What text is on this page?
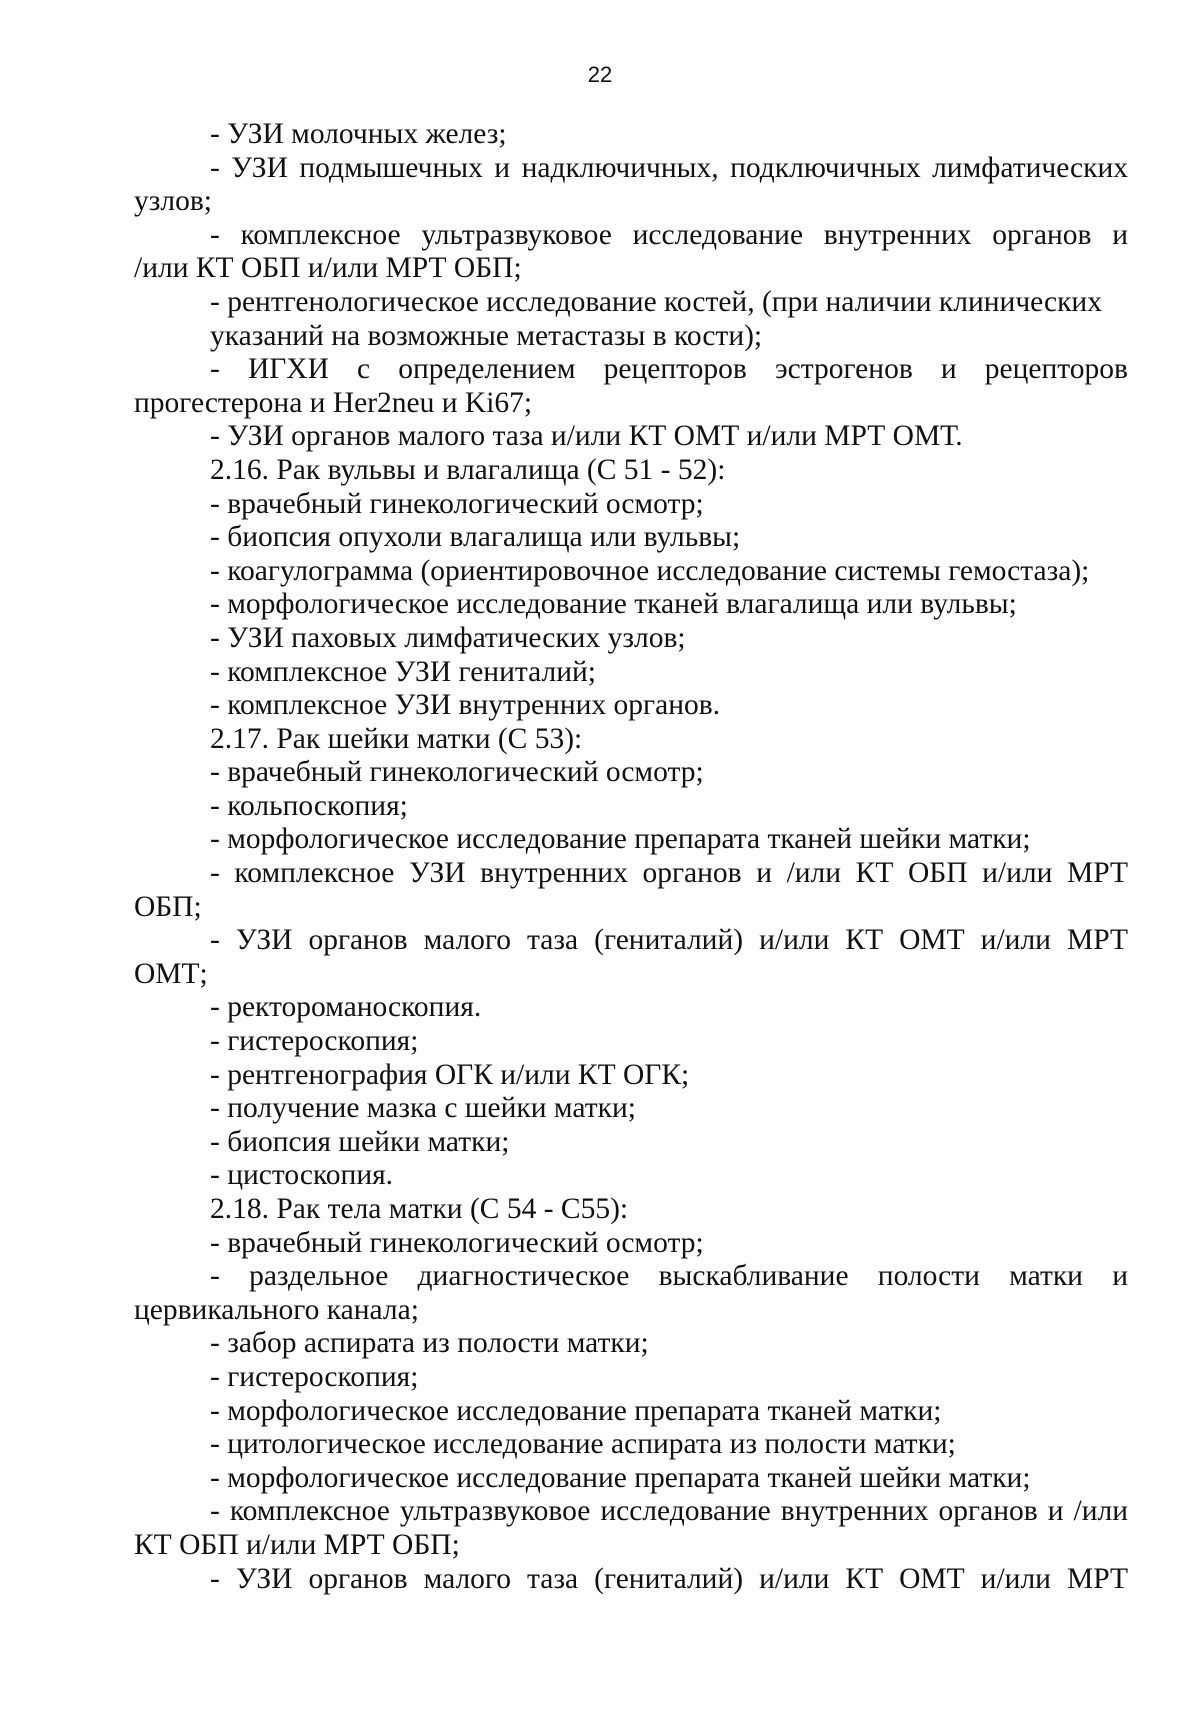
22
- УЗИ молочных желез;
- УЗИ подмышечных и надключичных, подключичных лимфатических
узлов;
- комплексное ультразвуковое исследование внутренних органов и
/или КТ ОБП и/или МРТ ОБП;
- рентгенологическое исследование костей, (при наличии клинических
указаний на возможные метастазы в кости);
- ИГХИ с определением рецепторов эстрогенов и рецепторов
прогестерона и Her2neu и Ki67;
- УЗИ органов малого таза и/или КТ ОМТ и/или МРТ ОМТ.
2.16. Рак вульвы и влагалища (С 51 - 52):
- врачебный гинекологический осмотр;
- биопсия опухоли влагалища или вульвы;
- коагулограмма (ориентировочное исследование системы гемостаза);
- морфологическое исследование тканей влагалища или вульвы;
- УЗИ паховых лимфатических узлов;
- комплексное УЗИ гениталий;
- комплексное УЗИ внутренних органов.
2.17. Рак шейки матки (С 53):
- врачебный гинекологический осмотр;
- кольпоскопия;
- морфологическое исследование препарата тканей шейки матки;
- комплексное УЗИ внутренних органов и /или КТ ОБП и/или МРТ
ОБП;
- УЗИ органов малого таза (гениталий) и/или КТ ОМТ и/или МРТ
ОМТ;
- ректороманоскопия.
- гистероскопия;
- рентгенография ОГК и/или КТ ОГК;
- получение мазка с шейки матки;
- биопсия шейки матки;
- цистоскопия.
2.18. Рак тела матки (С 54 - С55):
- врачебный гинекологический осмотр;
- раздельное диагностическое выскабливание полости матки и
цервикального канала;
- забор аспирата из полости матки;
- гистероскопия;
- морфологическое исследование препарата тканей матки;
- цитологическое исследование аспирата из полости матки;
- морфологическое исследование препарата тканей шейки матки;
- комплексное ультразвуковое исследование внутренних органов и /или
КТ ОБП и/или МРТ ОБП;
- УЗИ органов малого таза (гениталий) и/или КТ ОМТ и/или МРТ
